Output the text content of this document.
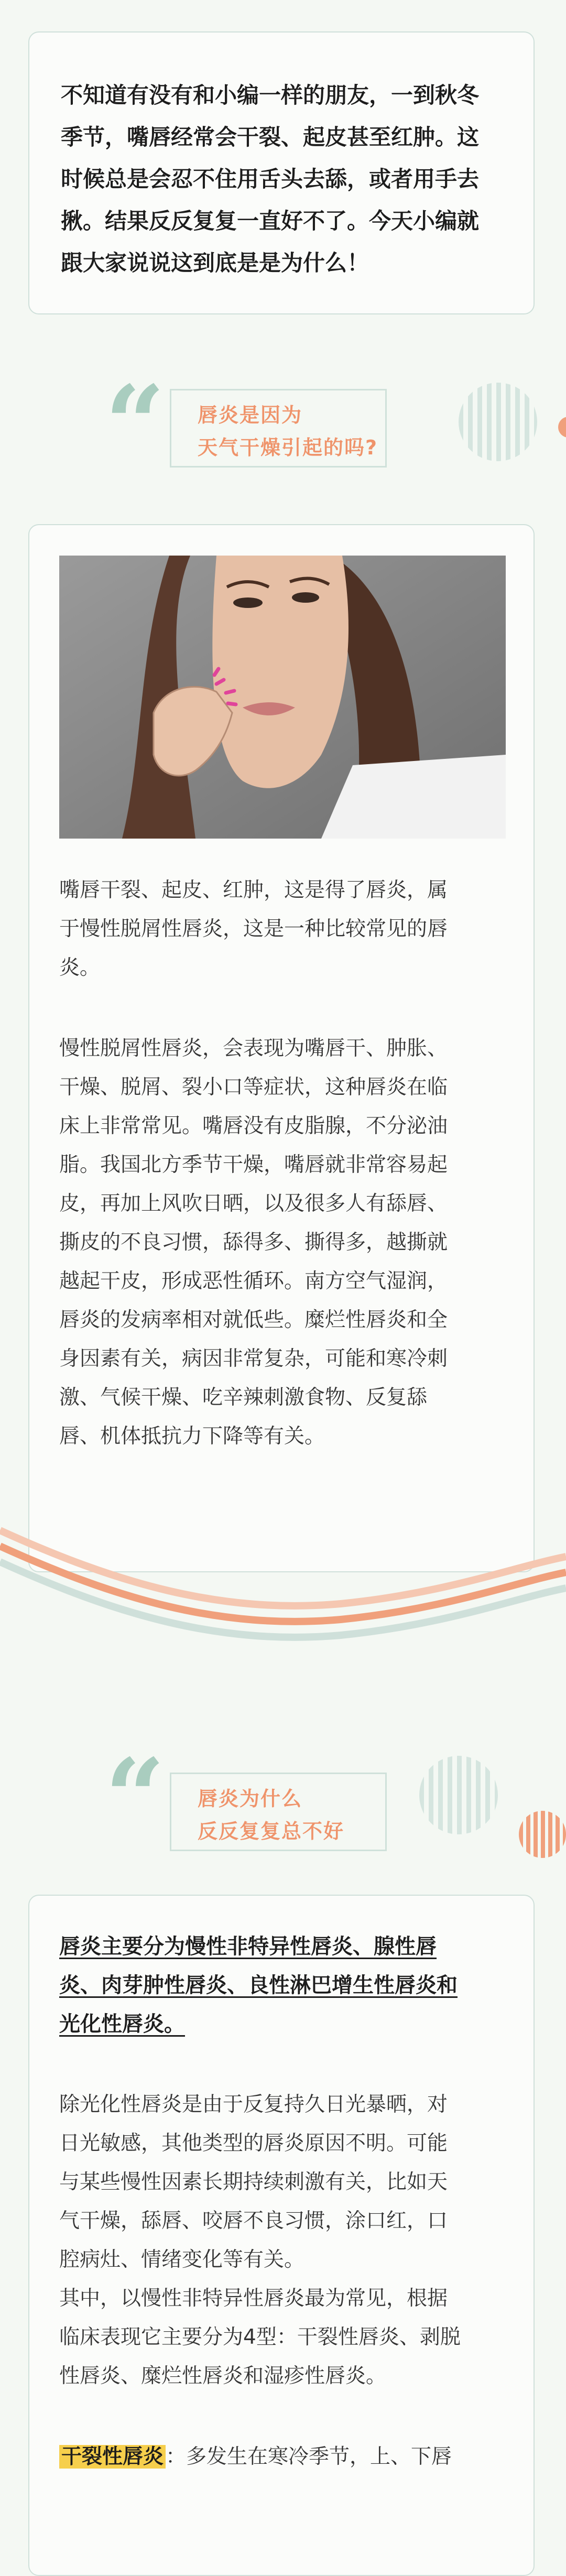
不知道有没有和小编一样的朋友，一到秋冬

季节，嘴唇经常会干裂、起皮甚至红肿。这

时候总是会忍不住用舌头去舔，或者用手去

揪。结果反反复复一直好不了。今天小编就

跟大家说说这到底是是为什么！

“ 唇炎是因为
天气干燥引起的吗?

嘴唇干裂、起皮、红肿，这是得了唇炎，属

于慢性脱屑性唇炎，这是一种比较常见的唇

炎。

慢性脱屑性唇炎，会表现为嘴唇干、肿胀、

干燥、脱屑、裂小口等症状，这种唇炎在临

床上非常常见。嘴唇没有皮脂腺，不分泌油

脂。我国北方季节干燥，嘴唇就非常容易起

皮，再加上风吹日晒，以及很多人有舔唇、

撕皮的不良习惯，舔得多、撕得多，越撕就

越起干皮，形成恶性循环。南方空气湿润，

唇炎的发病率相对就低些。糜烂性唇炎和全

身因素有关，病因非常复杂，可能和寒冷刺

激、气候干燥、吃辛辣刺激食物、反复舔

唇、机体抵抗力下降等有关。

“ 唇炎为什么
反反复复总不好

唇炎主要分为慢性非特异性唇炎、腺性唇

炎、肉芽肿性唇炎、良性淋巴增生性唇炎和

光化性唇炎。

除光化性唇炎是由于反复持久日光暴晒，对

日光敏感，其他类型的唇炎原因不明。可能

与某些慢性因素长期持续刺激有关，比如天

气干燥，舔唇、咬唇不良习惯，涂口红，口

腔病灶、情绪变化等有关。

其中，以慢性非特异性唇炎最为常见，根据

临床表现它主要分为4型：干裂性唇炎、剥脱

性唇炎、糜烂性唇炎和湿疹性唇炎。

干裂性唇炎 ：多发生在寒冷季节，上、下唇
